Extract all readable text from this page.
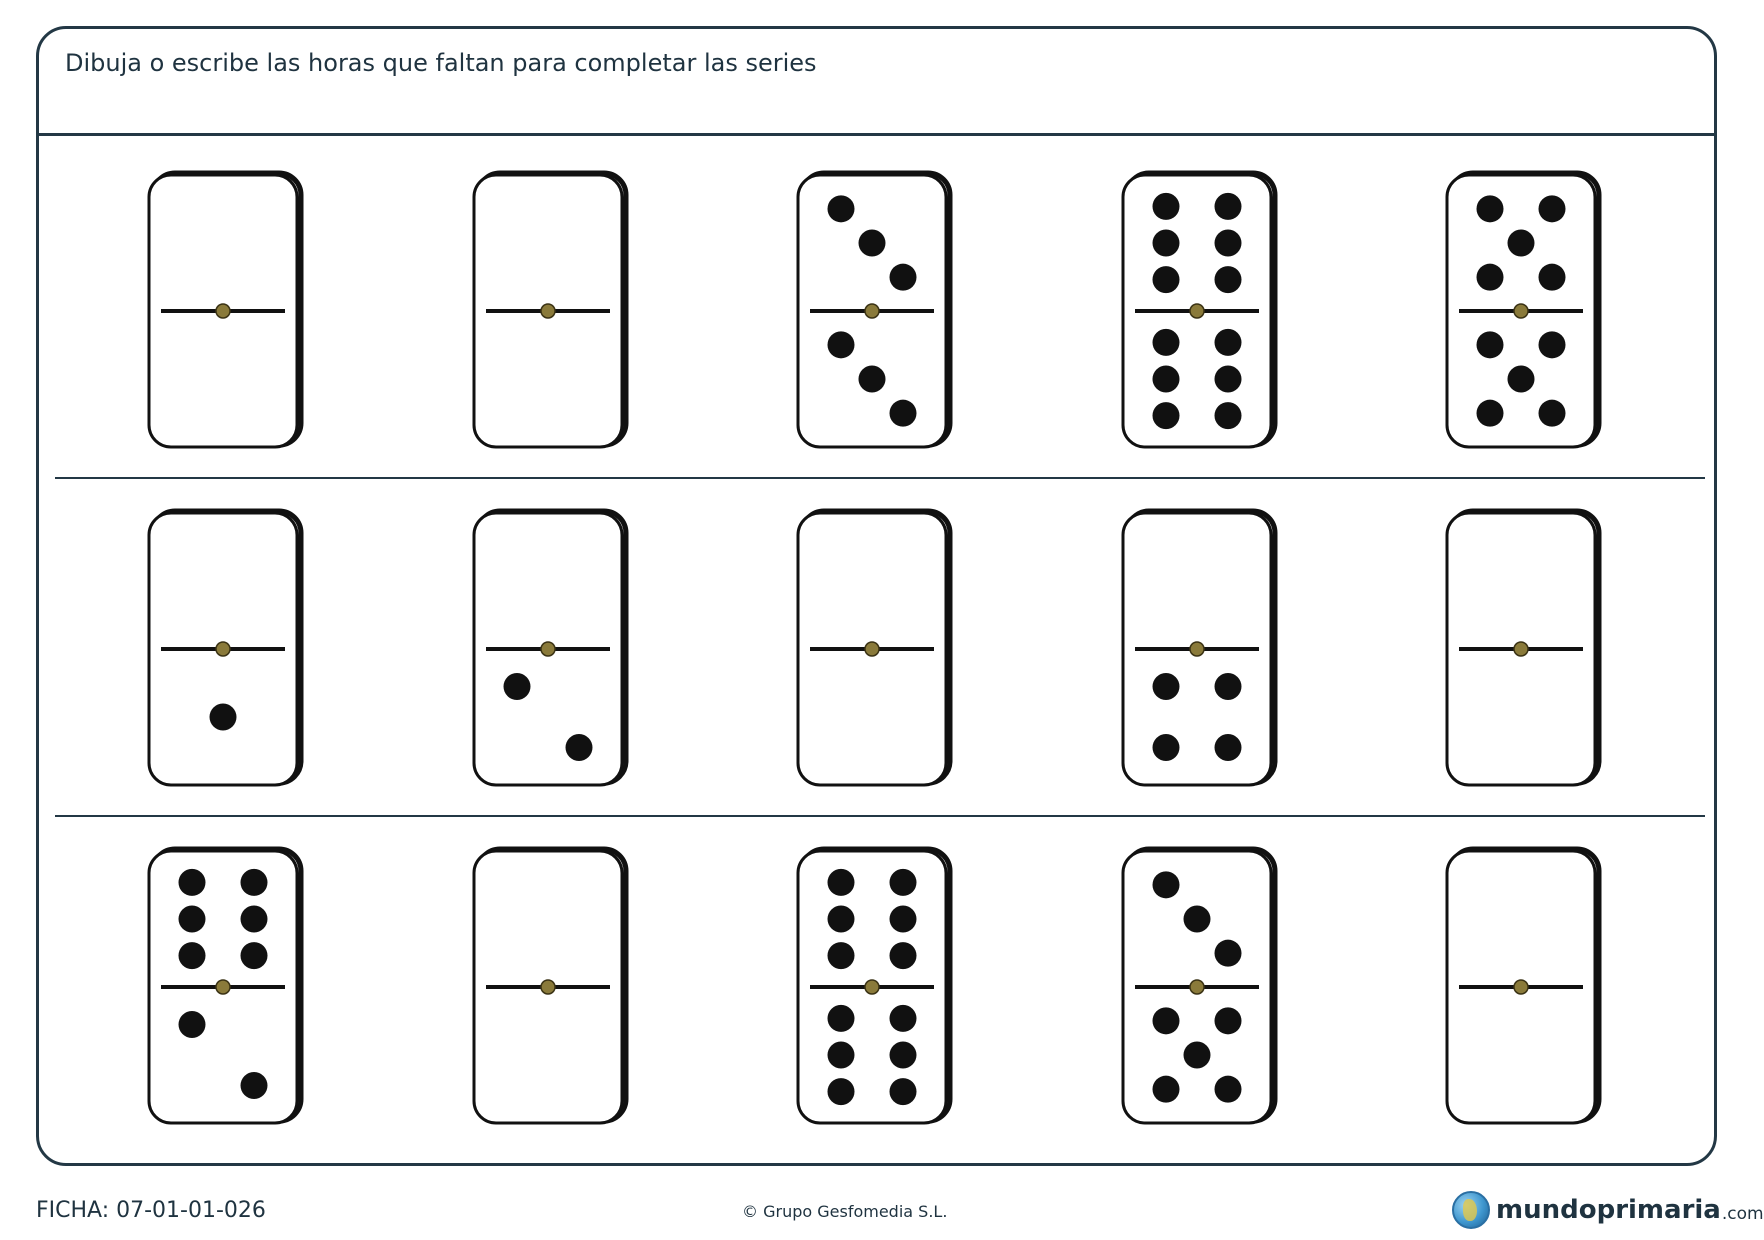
Dibuja o escribe las horas que faltan para completar las series
FICHA: 07-01-01-026	© Grupo Gesfomedia S.L.	mundoprimaria .com
